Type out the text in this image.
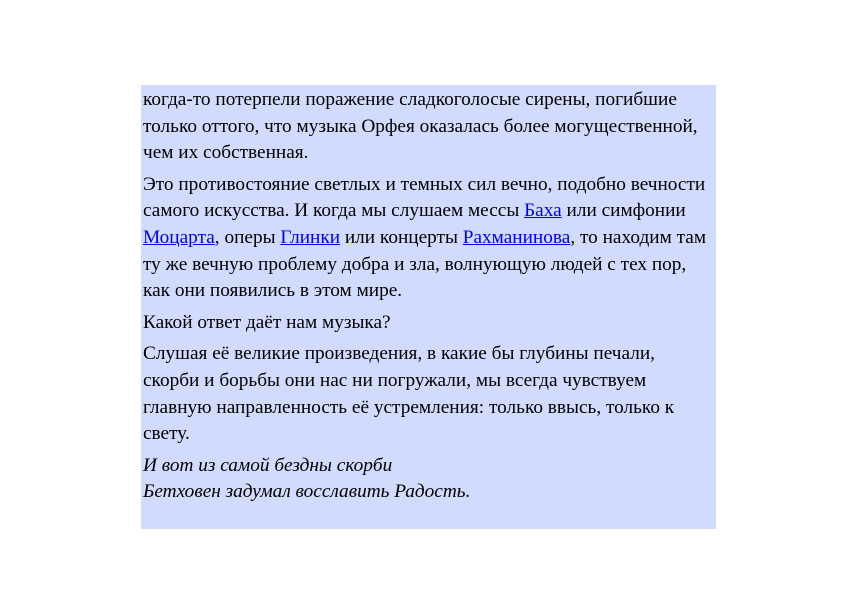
когда-то потерпели поражение сладкоголосые сирены, погибшие только оттого, что музыка Орфея оказалась более могущественной, чем их собственная.

Это противостояние светлых и темных сил вечно, подобно вечности самого искусства. И когда мы слушаем мессы Баха или симфонии Моцарта, оперы Глинки или концерты Рахманинова, то находим там ту же вечную проблему добра и зла, волнующую людей с тех пор, как они появились в этом мире.

Какой ответ даёт нам музыка?

Слушая её великие произведения, в какие бы глубины печали, скорби и борьбы они нас ни погружали, мы всегда чувствуем главную направленность её устремления: только ввысь, только к свету.

И вот из самой бездны скорби

Бетховен задумал восславить Радость.
